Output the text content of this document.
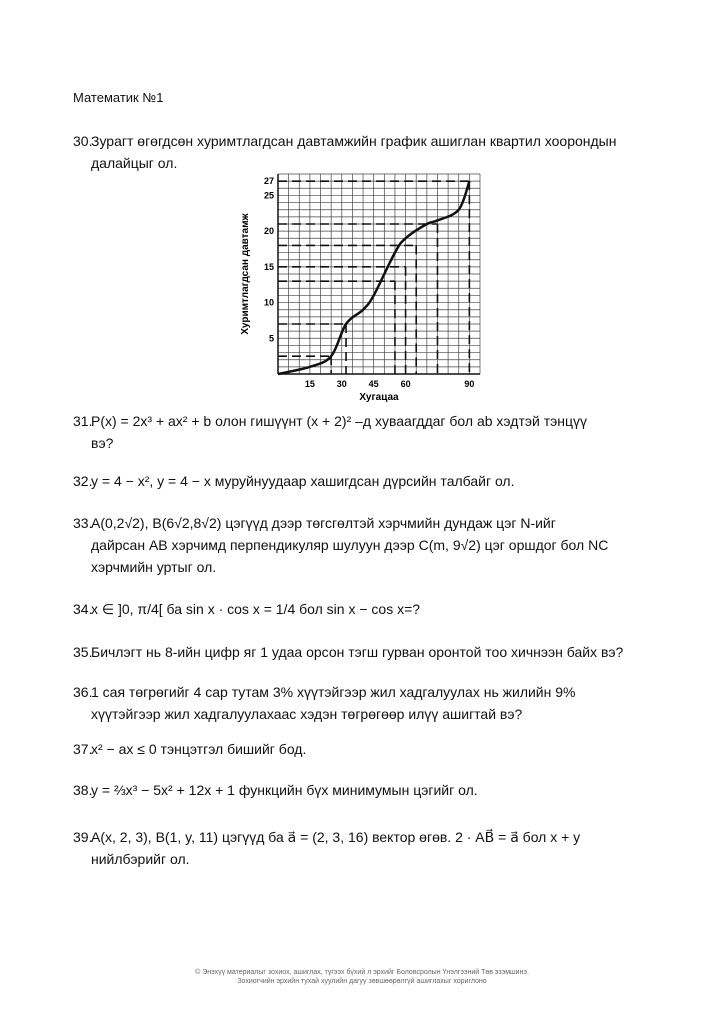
Математик №1
30.Зурагт өгөгдсөн хуримтлагдсан давтамжийн график ашиглан квартил хоорондын
далайцыг ол.
15 30 45 60	90
5
10
15
20
25
27
Хугацаа
Хуримтлагдсан давтамж
31.P(x) = 2x³ + ax² + b олон гишүүнт (x + 2)² –д хуваагддаг бол ab хэдтэй тэнцүү
вэ?
32.y = 4 − x², y = 4 − x муруйнуудаар хашигдсан дүрсийн талбайг ол.
33.A(0,2√2), B(6√2,8√2) цэгүүд дээр төгсгөлтэй хэрчмийн дундаж цэг N-ийг
дайрсан AB хэрчимд перпендикуляр шулуун дээр C(m, 9√2) цэг оршдог бол NC
хэрчмийн уртыг ол.
34.x ∈ ]0, π/4[ ба sin x · cos x = 1/4 бол sin x − cos x=?
35.Бичлэгт нь 8-ийн цифр яг 1 удаа орсон тэгш гурван оронтой тоо хичнээн байх вэ?
36.1 сая төгрөгийг 4 сар тутам 3% хүүтэйгээр жил хадгалуулах нь жилийн 9%
хүүтэйгээр жил хадгалуулахаас хэдэн төгрөгөөр илүү ашигтай вэ?
37.x² − ax ≤ 0 тэнцэтгэл бишийг бод.
38.y = ⅔x³ − 5x² + 12x + 1 функцийн бүх минимумын цэгийг ол.
39.A(x, 2, 3), B(1, y, 11) цэгүүд ба a⃗ = (2, 3, 16) вектор өгөв. 2 · AB⃗ = a⃗ бол x + y
нийлбэрийг ол.
© Энэхүү материалыг зохиох, ашиглах, түгээх бүхий л эрхийг Боловсролын Үнэлгээний Төв эзэмшинэ.
Зохиогчийн эрхийн тухай хуулийн дагуу зөвшөөрөлгүй ашиглахыг хориглоно
